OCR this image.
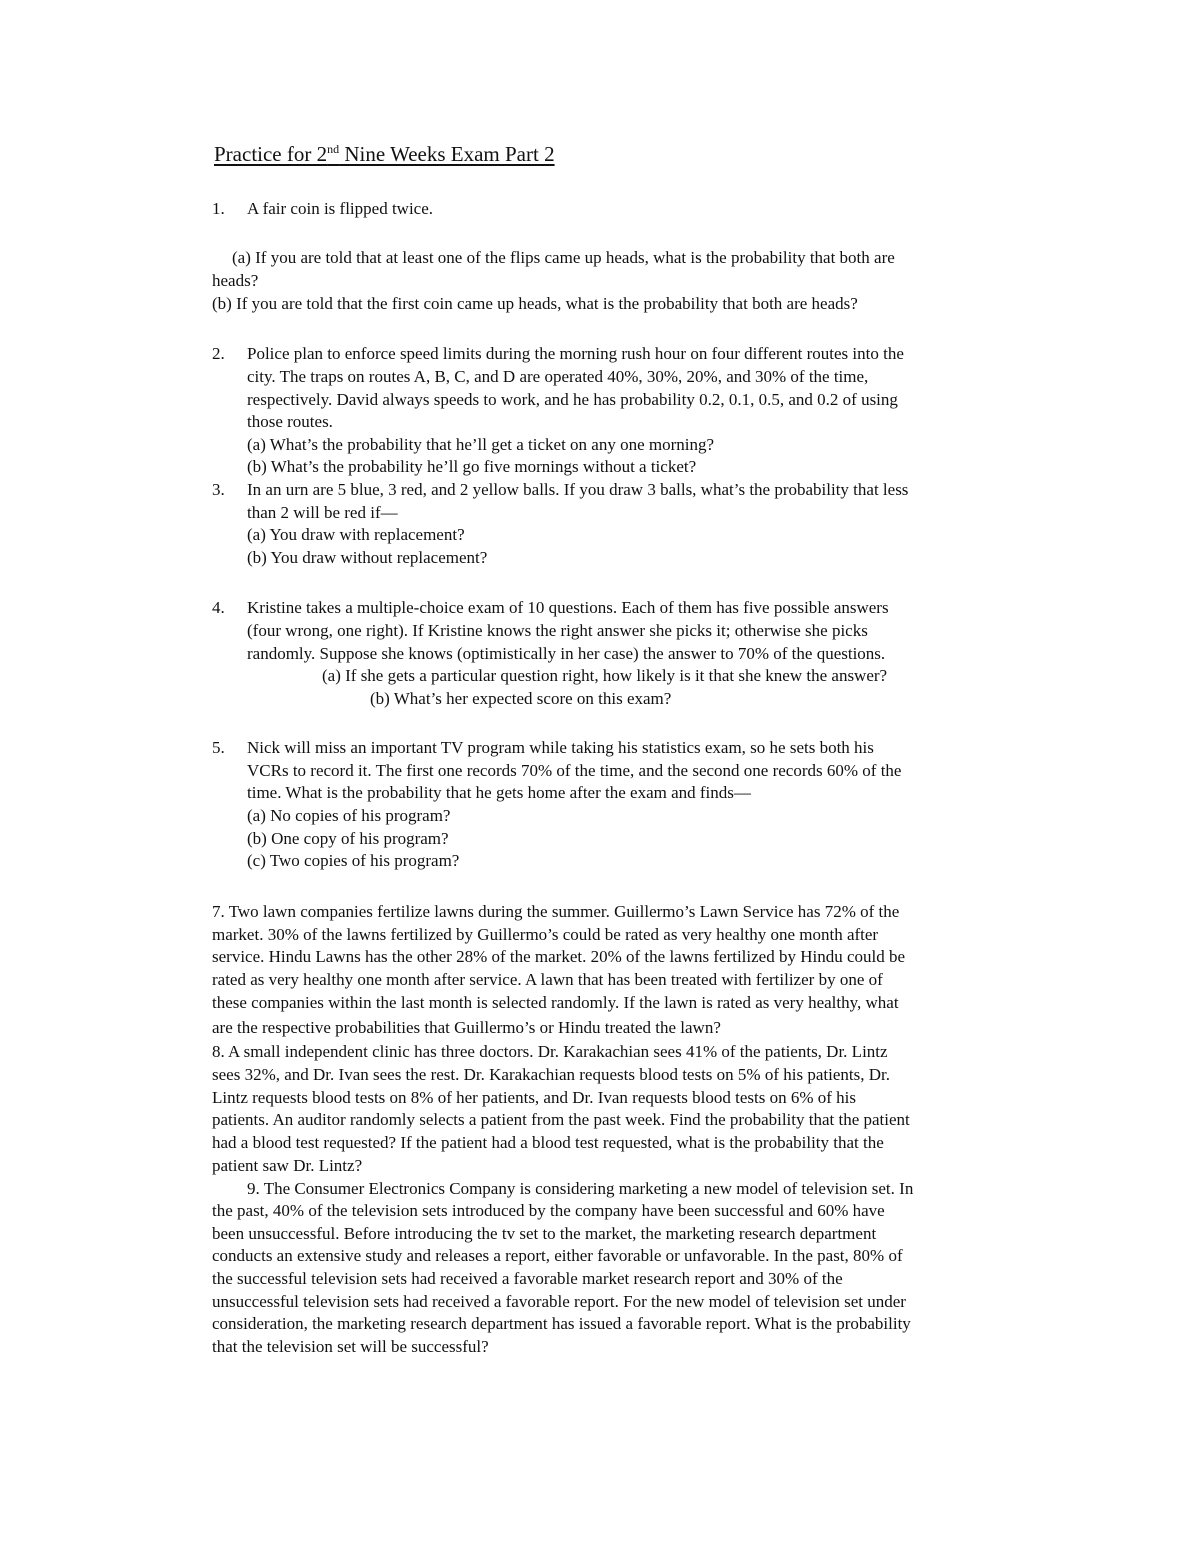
Practice for 2nd Nine Weeks Exam Part 2
1. A fair coin is flipped twice.
(a) If you are told that at least one of the flips came up heads, what is the probability that both are
heads?
(b) If you are told that the first coin came up heads, what is the probability that both are heads?
2. Police plan to enforce speed limits during the morning rush hour on four different routes into the
city. The traps on routes A, B, C, and D are operated 40%, 30%, 20%, and 30% of the time,
respectively. David always speeds to work, and he has probability 0.2, 0.1, 0.5, and 0.2 of using
those routes.
(a) What’s the probability that he’ll get a ticket on any one morning?
(b) What’s the probability he’ll go five mornings without a ticket?
3. In an urn are 5 blue, 3 red, and 2 yellow balls. If you draw 3 balls, what’s the probability that less
than 2 will be red if—
(a) You draw with replacement?
(b) You draw without replacement?
4. Kristine takes a multiple-choice exam of 10 questions. Each of them has five possible answers
(four wrong, one right). If Kristine knows the right answer she picks it; otherwise she picks
randomly. Suppose she knows (optimistically in her case) the answer to 70% of the questions.
(a) If she gets a particular question right, how likely is it that she knew the answer?
(b) What’s her expected score on this exam?
5. Nick will miss an important TV program while taking his statistics exam, so he sets both his
VCRs to record it. The first one records 70% of the time, and the second one records 60% of the
time. What is the probability that he gets home after the exam and finds—
(a) No copies of his program?
(b) One copy of his program?
(c) Two copies of his program?
7. Two lawn companies fertilize lawns during the summer. Guillermo’s Lawn Service has 72% of the
market. 30% of the lawns fertilized by Guillermo’s could be rated as very healthy one month after
service. Hindu Lawns has the other 28% of the market. 20% of the lawns fertilized by Hindu could be
rated as very healthy one month after service. A lawn that has been treated with fertilizer by one of
these companies within the last month is selected randomly. If the lawn is rated as very healthy, what
are the respective probabilities that Guillermo’s or Hindu treated the lawn?
8. A small independent clinic has three doctors. Dr. Karakachian sees 41% of the patients, Dr. Lintz
sees 32%, and Dr. Ivan sees the rest. Dr. Karakachian requests blood tests on 5% of his patients, Dr.
Lintz requests blood tests on 8% of her patients, and Dr. Ivan requests blood tests on 6% of his
patients. An auditor randomly selects a patient from the past week. Find the probability that the patient
had a blood test requested? If the patient had a blood test requested, what is the probability that the
patient saw Dr. Lintz?
9. The Consumer Electronics Company is considering marketing a new model of television set. In
the past, 40% of the television sets introduced by the company have been successful and 60% have
been unsuccessful. Before introducing the tv set to the market, the marketing research department
conducts an extensive study and releases a report, either favorable or unfavorable. In the past, 80% of
the successful television sets had received a favorable market research report and 30% of the
unsuccessful television sets had received a favorable report. For the new model of television set under
consideration, the marketing research department has issued a favorable report. What is the probability
that the television set will be successful?
